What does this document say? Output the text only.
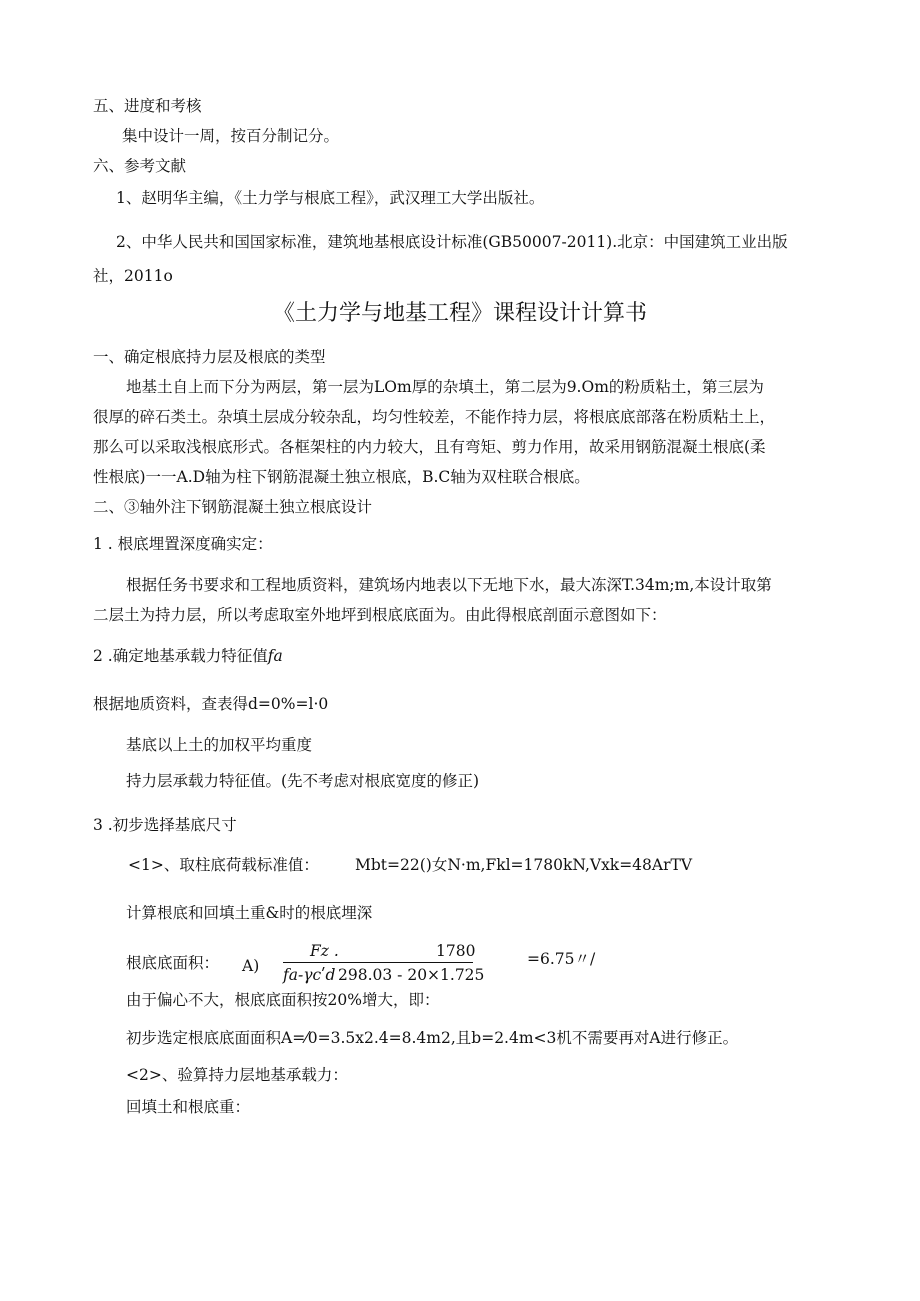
五、进度和考核
集中设计一周，按百分制记分。
六、参考文献
1、赵明华主编，《土力学与根底工程》，武汉理工大学出版社。
2、中华人民共和国国家标准，建筑地基根底设计标准(GB50007-2011).北京：中国建筑工业出版
社，2011o
《土力学与地基工程》课程设计计算书
一、确定根底持力层及根底的类型
地基土自上而下分为两层，第一层为LOm厚的杂填土，第二层为9.Om的粉质粘土，第三层为
很厚的碎石类土。杂填土层成分较杂乱，均匀性较差，不能作持力层，将根底底部落在粉质粘土上，
那么可以采取浅根底形式。各框架柱的内力较大，且有弯矩、剪力作用，故采用钢筋混凝土根底(柔
性根底)一一A.D轴为柱下钢筋混凝土独立根底，B.C轴为双柱联合根底。
二、③轴外注下钢筋混凝土独立根底设计
1 . 根底埋置深度确实定：
根据任务书要求和工程地质资料，建筑场内地表以下无地下水，最大冻深T.34m;m,本设计取第
二层土为持力层，所以考虑取室外地坪到根底底面为。由此得根底剖面示意图如下：
2 .确定地基承载力特征值fa
根据地质资料，查表得d=0%=l·0
基底以上土的加权平均重度
持力层承载力特征值。(先不考虑对根底宽度的修正)
3 .初步选择基底尺寸
<1>、取柱底荷载标准值： Mbt=22()女N·m,Fkl=1780kN,Vxk=48ArTV
计算根底和回填土重&时的根底埋深
根底底面积： A)
Fz .	1780
fa-γcʹd 298.03 - 20×1.725
=6.75〃/
由于偏心不大，根底底面积按20%增大，即：
初步选定根底底面面积A=⁄0=3.5x2.4=8.4m2,且b=2.4m<3机不需要再对A进行修正。
<2>、验算持力层地基承载力：
回填土和根底重：
